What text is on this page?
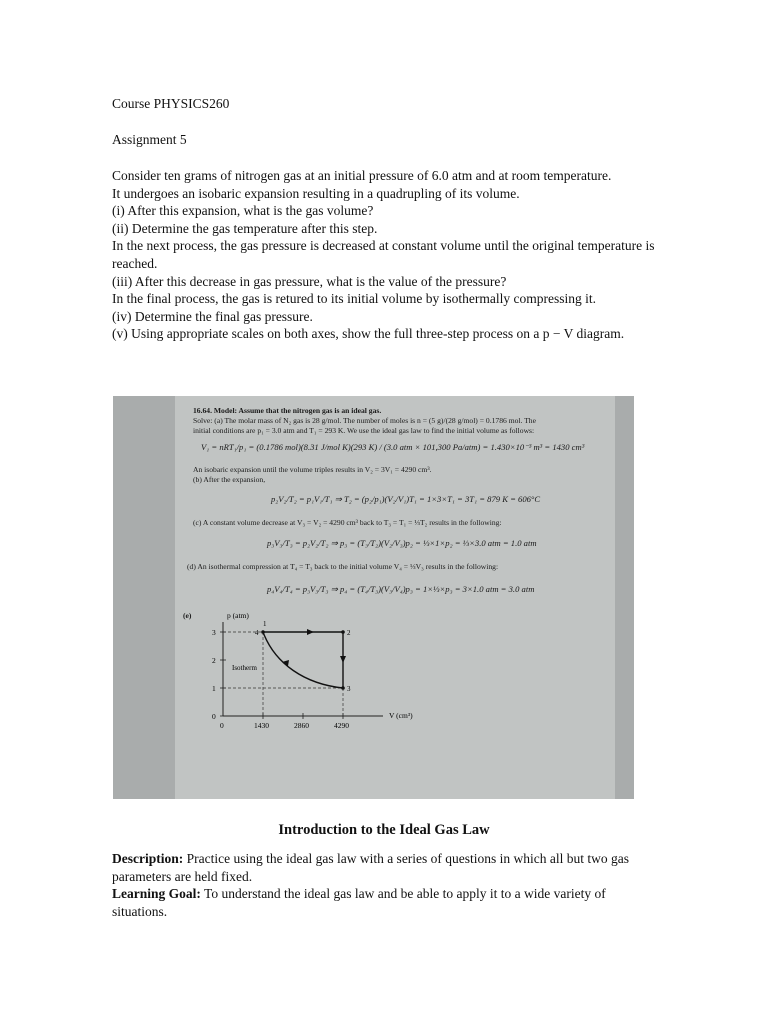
Course PHYSICS260
Assignment 5
Consider ten grams of nitrogen gas at an initial pressure of 6.0 atm and at room temperature.
It undergoes an isobaric expansion resulting in a quadrupling of its volume.
(i) After this expansion, what is the gas volume?
(ii) Determine the gas temperature after this step.
In the next process, the gas pressure is decreased at constant volume until the original temperature is reached.
(iii) After this decrease in gas pressure, what is the value of the pressure?
In the final process, the gas is retured to its initial volume by isothermally compressing it.
(iv) Determine the final gas pressure.
(v) Using appropriate scales on both axes, show the full three-step process on a p − V diagram.
16.64. Model: Assume that the nitrogen gas is an ideal gas.
Solve: (a) The molar mass of N₂ gas is 28 g/mol. The number of moles is n = (5 g)/(28 g/mol) = 0.1786 mol. The
initial conditions are p₁ = 3.0 atm and T₁ = 293 K. We use the ideal gas law to find the initial volume as follows:
V₁ = nRT₁/p₁ = (0.1786 mol)(8.31 J/mol K)(293 K) / (3.0 atm × 101,300 Pa/atm) = 1.430×10⁻³ m³ = 1430 cm³
An isobaric expansion until the volume triples results in V₂ = 3V₁ = 4290 cm³.
(b) After the expansion,
p₂V₂/T₂ = p₁V₁/T₁ ⇒ T₂ = (p₂/p₁)(V₂/V₁)T₁ = 1×3×T₁ = 3T₁ = 879 K = 606°C
(c) A constant volume decrease at V₃ = V₂ = 4290 cm³ back to T₃ = T₁ = ⅓T₂ results in the following:
p₃V₃/T₃ = p₂V₂/T₂ ⇒ p₃ = (T₃/T₂)(V₂/V₃)p₂ = ⅓×1×p₂ = ⅓×3.0 atm = 1.0 atm
(d) An isothermal compression at T₄ = T₃ back to the initial volume V₄ = ⅓V₃ results in the following:
p₄V₄/T₄ = p₃V₃/T₃ ⇒ p₄ = (T₄/T₃)(V₃/V₄)p₃ = 1×⅓×p₃ = 3×1.0 atm = 3.0 atm
(e)	p (atm)
V (cm³)
0
1
2
3
0	1430	2860	4290
1
2
3
4
Isotherm
Introduction to the Ideal Gas Law
Description: Practice using the ideal gas law with a series of questions in which all but two gas parameters are held fixed.
Learning Goal: To understand the ideal gas law and be able to apply it to a wide variety of situations.
